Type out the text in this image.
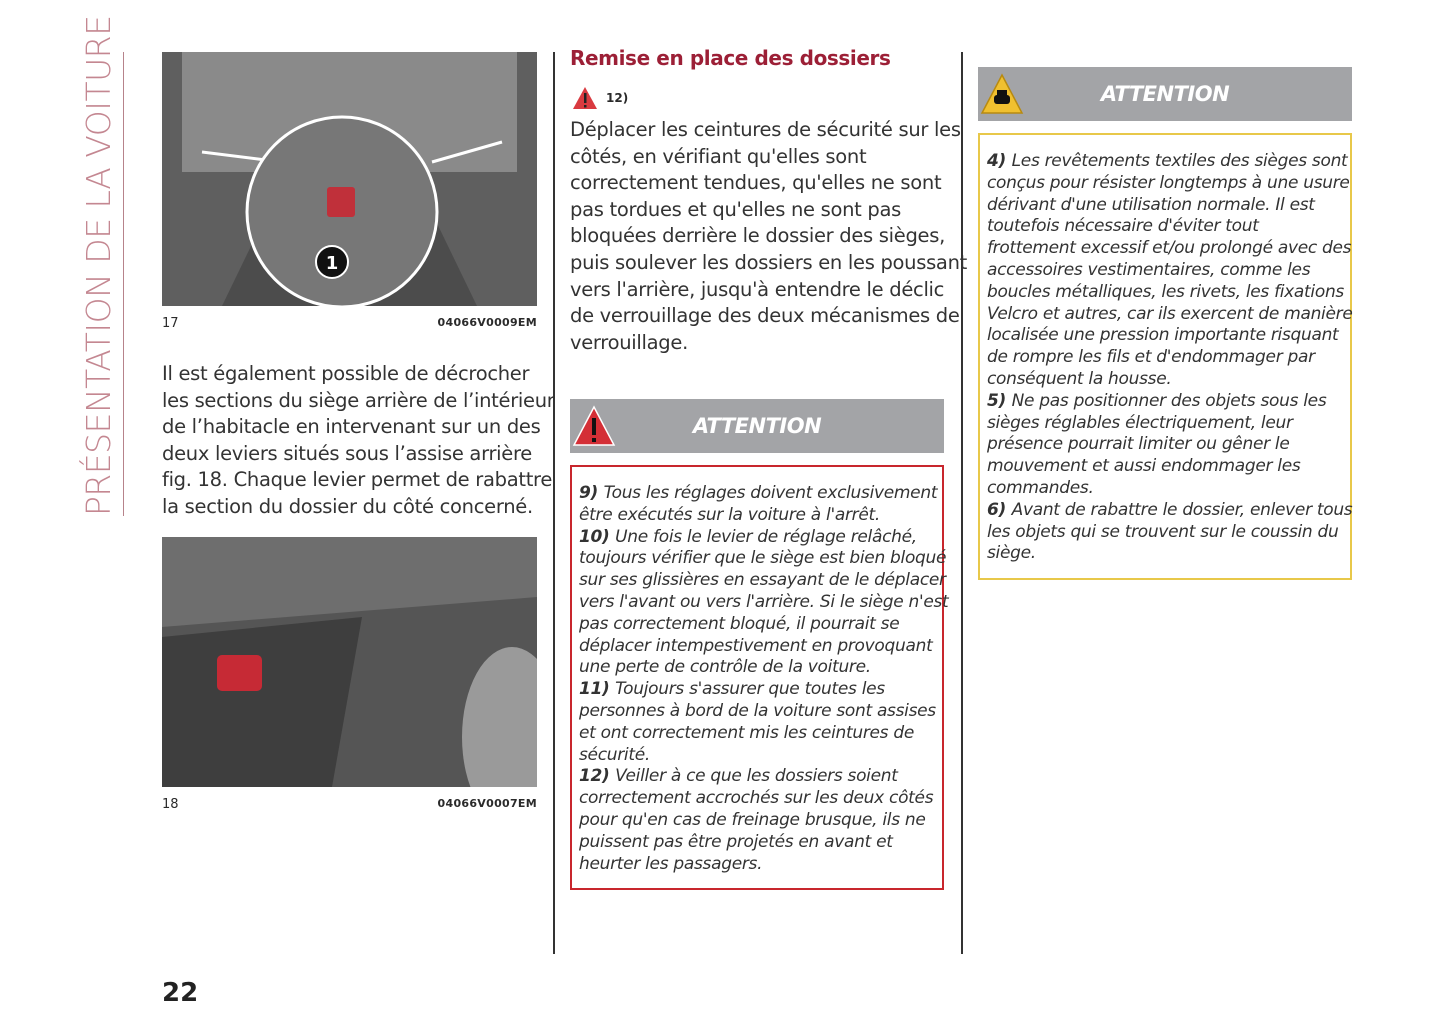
PRÉSENTATION DE LA VOITURE	1
17	04066V0009EM
Il est également possible de décrocher
les sections du siège arrière de l’intérieur
de l’habitacle en intervenant sur un des
deux leviers situés sous l’assise arrière
fig. 18. Chaque levier permet de rabattre
la section du dossier du côté concerné.
18	04066V0007EM
Remise en place des dossiers
12)
Déplacer les ceintures de sécurité sur les
côtés, en vérifiant qu'elles sont
correctement tendues, qu'elles ne sont
pas tordues et qu'elles ne sont pas
bloquées derrière le dossier des sièges,
puis soulever les dossiers en les poussant
vers l'arrière, jusqu'à entendre le déclic
de verrouillage des deux mécanismes de
verrouillage.
ATTENTION
9) Tous les réglages doivent exclusivement
être exécutés sur la voiture à l'arrêt.
10) Une fois le levier de réglage relâché,
toujours vérifier que le siège est bien bloqué
sur ses glissières en essayant de le déplacer
vers l'avant ou vers l'arrière. Si le siège n'est
pas correctement bloqué, il pourrait se
déplacer intempestivement en provoquant
une perte de contrôle de la voiture.
11) Toujours s'assurer que toutes les
personnes à bord de la voiture sont assises
et ont correctement mis les ceintures de
sécurité.
12) Veiller à ce que les dossiers soient
correctement accrochés sur les deux côtés
pour qu'en cas de freinage brusque, ils ne
puissent pas être projetés en avant et
heurter les passagers.
ATTENTION
4) Les revêtements textiles des sièges sont
conçus pour résister longtemps à une usure
dérivant d'une utilisation normale. Il est
toutefois nécessaire d'éviter tout
frottement excessif et/ou prolongé avec des
accessoires vestimentaires, comme les
boucles métalliques, les rivets, les fixations
Velcro et autres, car ils exercent de manière
localisée une pression importante risquant
de rompre les fils et d'endommager par
conséquent la housse.
5) Ne pas positionner des objets sous les
sièges réglables électriquement, leur
présence pourrait limiter ou gêner le
mouvement et aussi endommager les
commandes.
6) Avant de rabattre le dossier, enlever tous
les objets qui se trouvent sur le coussin du
siège.
22
